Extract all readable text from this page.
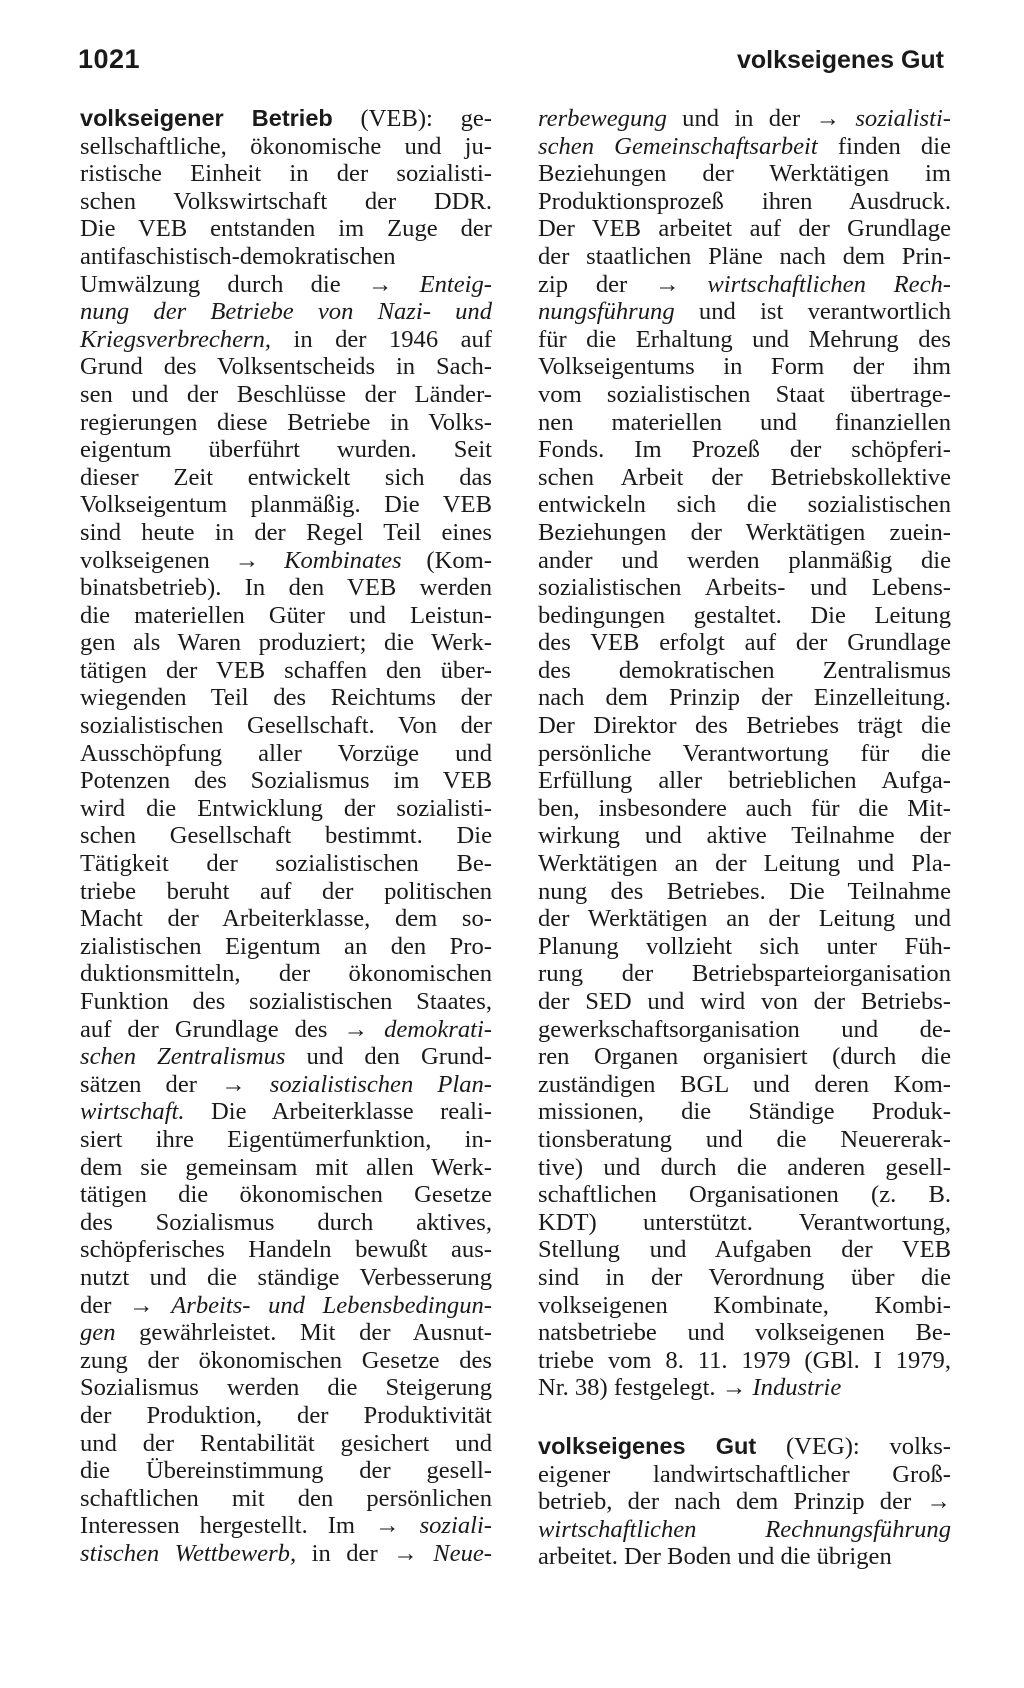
1021	volkseigenes Gut
volkseigener Betrieb (VEB): ge-
sellschaftliche, ökonomische und ju-
ristische Einheit in der sozialisti-
schen Volkswirtschaft der DDR.
Die VEB entstanden im Zuge der
antifaschistisch-demokratischen
Umwälzung durch die → Enteig-
nung der Betriebe von Nazi- und
Kriegsverbrechern, in der 1946 auf
Grund des Volksentscheids in Sach-
sen und der Beschlüsse der Länder-
regierungen diese Betriebe in Volks-
eigentum überführt wurden. Seit
dieser Zeit entwickelt sich das
Volkseigentum planmäßig. Die VEB
sind heute in der Regel Teil eines
volkseigenen → Kombinates (Kom-
binatsbetrieb). In den VEB werden
die materiellen Güter und Leistun-
gen als Waren produziert; die Werk-
tätigen der VEB schaffen den über-
wiegenden Teil des Reichtums der
sozialistischen Gesellschaft. Von der
Ausschöpfung aller Vorzüge und
Potenzen des Sozialismus im VEB
wird die Entwicklung der sozialisti-
schen Gesellschaft bestimmt. Die
Tätigkeit der sozialistischen Be-
triebe beruht auf der politischen
Macht der Arbeiterklasse, dem so-
zialistischen Eigentum an den Pro-
duktionsmitteln, der ökonomischen
Funktion des sozialistischen Staates,
auf der Grundlage des → demokrati-
schen Zentralismus und den Grund-
sätzen der → sozialistischen Plan-
wirtschaft. Die Arbeiterklasse reali-
siert ihre Eigentümerfunktion, in-
dem sie gemeinsam mit allen Werk-
tätigen die ökonomischen Gesetze
des Sozialismus durch aktives,
schöpferisches Handeln bewußt aus-
nutzt und die ständige Verbesserung
der → Arbeits- und Lebensbedingun-
gen gewährleistet. Mit der Ausnut-
zung der ökonomischen Gesetze des
Sozialismus werden die Steigerung
der Produktion, der Produktivität
und der Rentabilität gesichert und
die Übereinstimmung der gesell-
schaftlichen mit den persönlichen
Interessen hergestellt. Im → soziali-
stischen Wettbewerb, in der → Neue-
rerbewegung und in der → sozialisti-
schen Gemeinschaftsarbeit finden die
Beziehungen der Werktätigen im
Produktionsprozeß ihren Ausdruck.
Der VEB arbeitet auf der Grundlage
der staatlichen Pläne nach dem Prin-
zip der → wirtschaftlichen Rech-
nungsführung und ist verantwortlich
für die Erhaltung und Mehrung des
Volkseigentums in Form der ihm
vom sozialistischen Staat übertrage-
nen materiellen und finanziellen
Fonds. Im Prozeß der schöpferi-
schen Arbeit der Betriebskollektive
entwickeln sich die sozialistischen
Beziehungen der Werktätigen zuein-
ander und werden planmäßig die
sozialistischen Arbeits- und Lebens-
bedingungen gestaltet. Die Leitung
des VEB erfolgt auf der Grundlage
des demokratischen Zentralismus
nach dem Prinzip der Einzelleitung.
Der Direktor des Betriebes trägt die
persönliche Verantwortung für die
Erfüllung aller betrieblichen Aufga-
ben, insbesondere auch für die Mit-
wirkung und aktive Teilnahme der
Werktätigen an der Leitung und Pla-
nung des Betriebes. Die Teilnahme
der Werktätigen an der Leitung und
Planung vollzieht sich unter Füh-
rung der Betriebsparteiorganisation
der SED und wird von der Betriebs-
gewerkschaftsorganisation und de-
ren Organen organisiert (durch die
zuständigen BGL und deren Kom-
missionen, die Ständige Produk-
tionsberatung und die Neuererak-
tive) und durch die anderen gesell-
schaftlichen Organisationen (z. B.
KDT) unterstützt. Verantwortung,
Stellung und Aufgaben der VEB
sind in der Verordnung über die
volkseigenen Kombinate, Kombi-
natsbetriebe und volkseigenen Be-
triebe vom 8. 11. 1979 (GBl. I 1979,
Nr. 38) festgelegt. → Industrie
volkseigenes Gut (VEG): volks-
eigener landwirtschaftlicher Groß-
betrieb, der nach dem Prinzip der →
wirtschaftlichen Rechnungsführung
arbeitet. Der Boden und die übrigen
